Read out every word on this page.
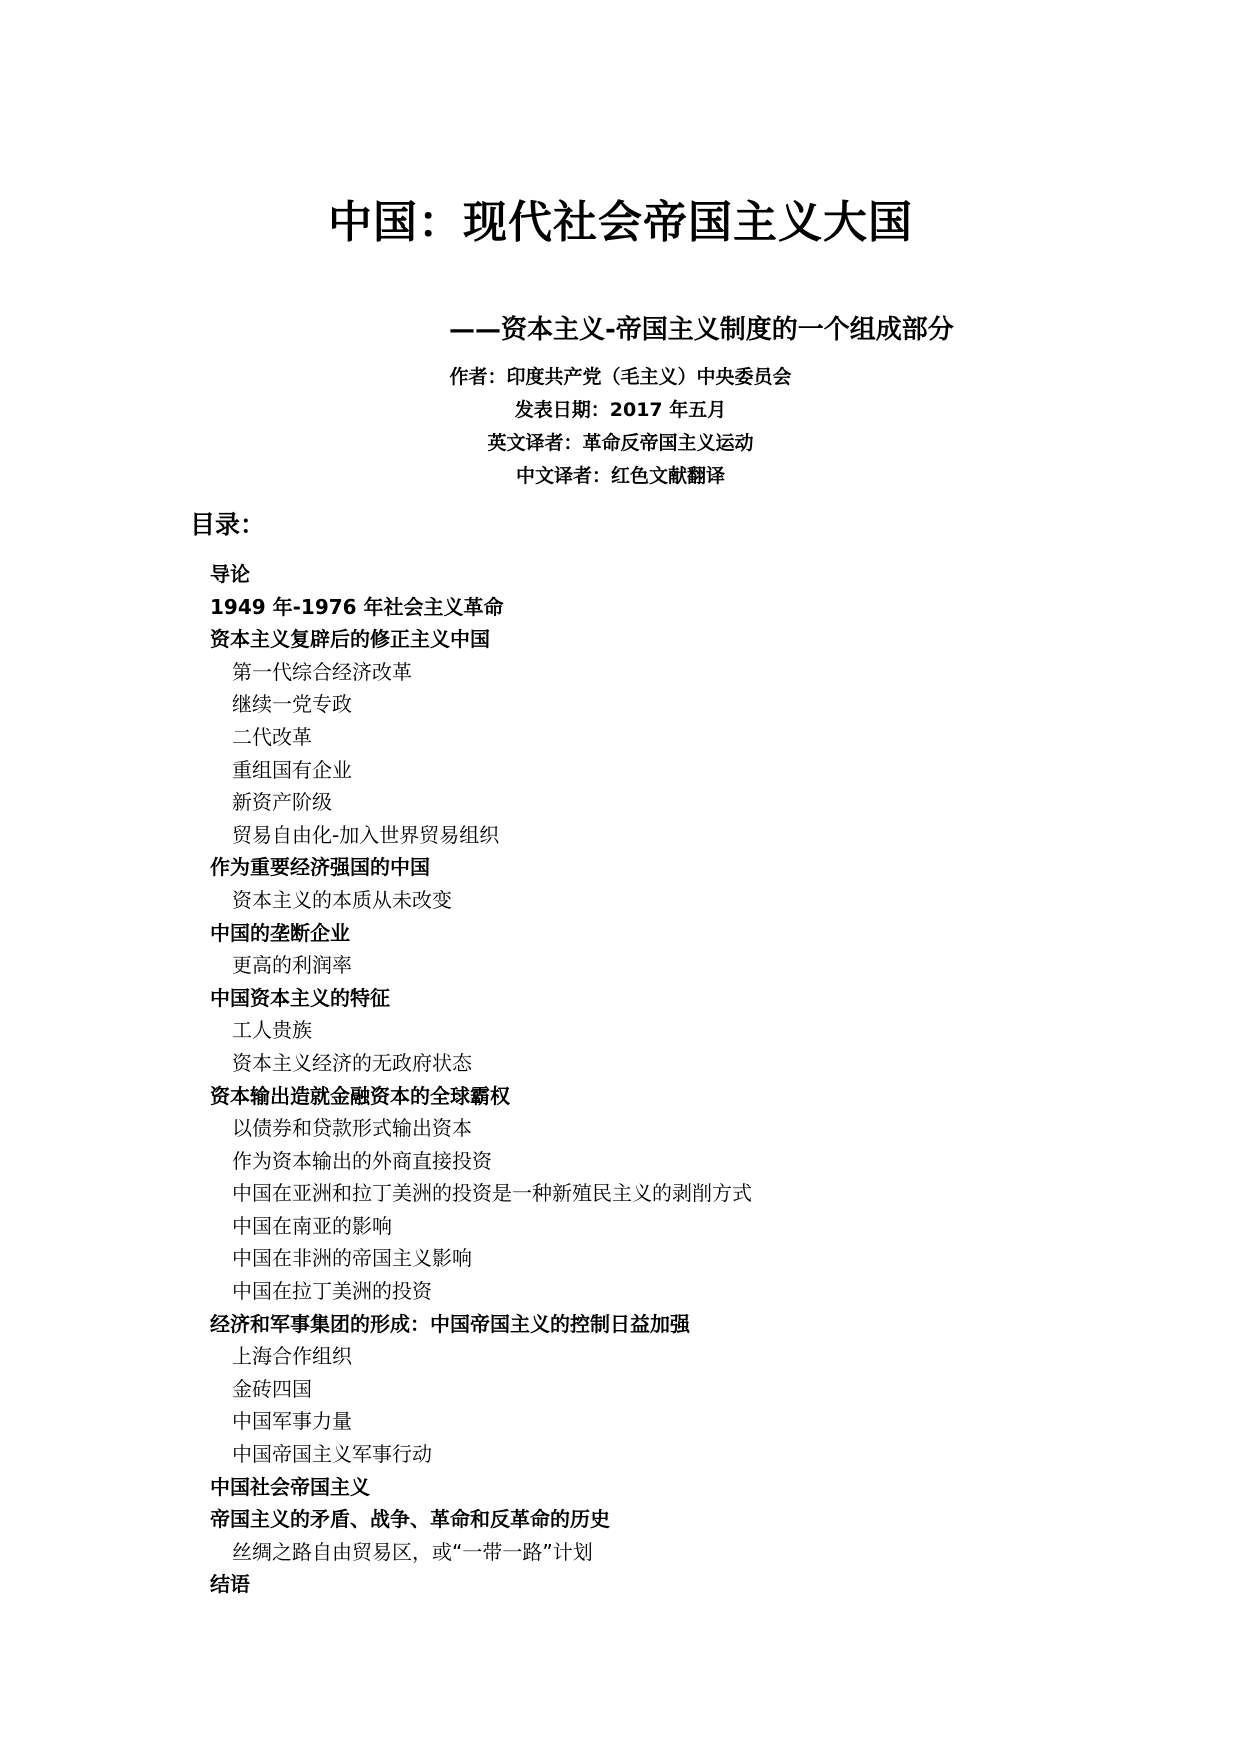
中国：现代社会帝国主义大国
——资本主义-帝国主义制度的一个组成部分
作者：印度共产党（毛主义）中央委员会
发表日期：2017 年五月
英文译者：革命反帝国主义运动
中文译者：红色文献翻译
目录：
导论
1949 年-1976 年社会主义革命
资本主义复辟后的修正主义中国
第一代综合经济改革
继续一党专政
二代改革
重组国有企业
新资产阶级
贸易自由化-加入世界贸易组织
作为重要经济强国的中国
资本主义的本质从未改变
中国的垄断企业
更高的利润率
中国资本主义的特征
工人贵族
资本主义经济的无政府状态
资本输出造就金融资本的全球霸权
以债券和贷款形式输出资本
作为资本输出的外商直接投资
中国在亚洲和拉丁美洲的投资是一种新殖民主义的剥削方式
中国在南亚的影响
中国在非洲的帝国主义影响
中国在拉丁美洲的投资
经济和军事集团的形成：中国帝国主义的控制日益加强
上海合作组织
金砖四国
中国军事力量
中国帝国主义军事行动
中国社会帝国主义
帝国主义的矛盾、战争、革命和反革命的历史
丝绸之路自由贸易区，或“一带一路”计划
结语
